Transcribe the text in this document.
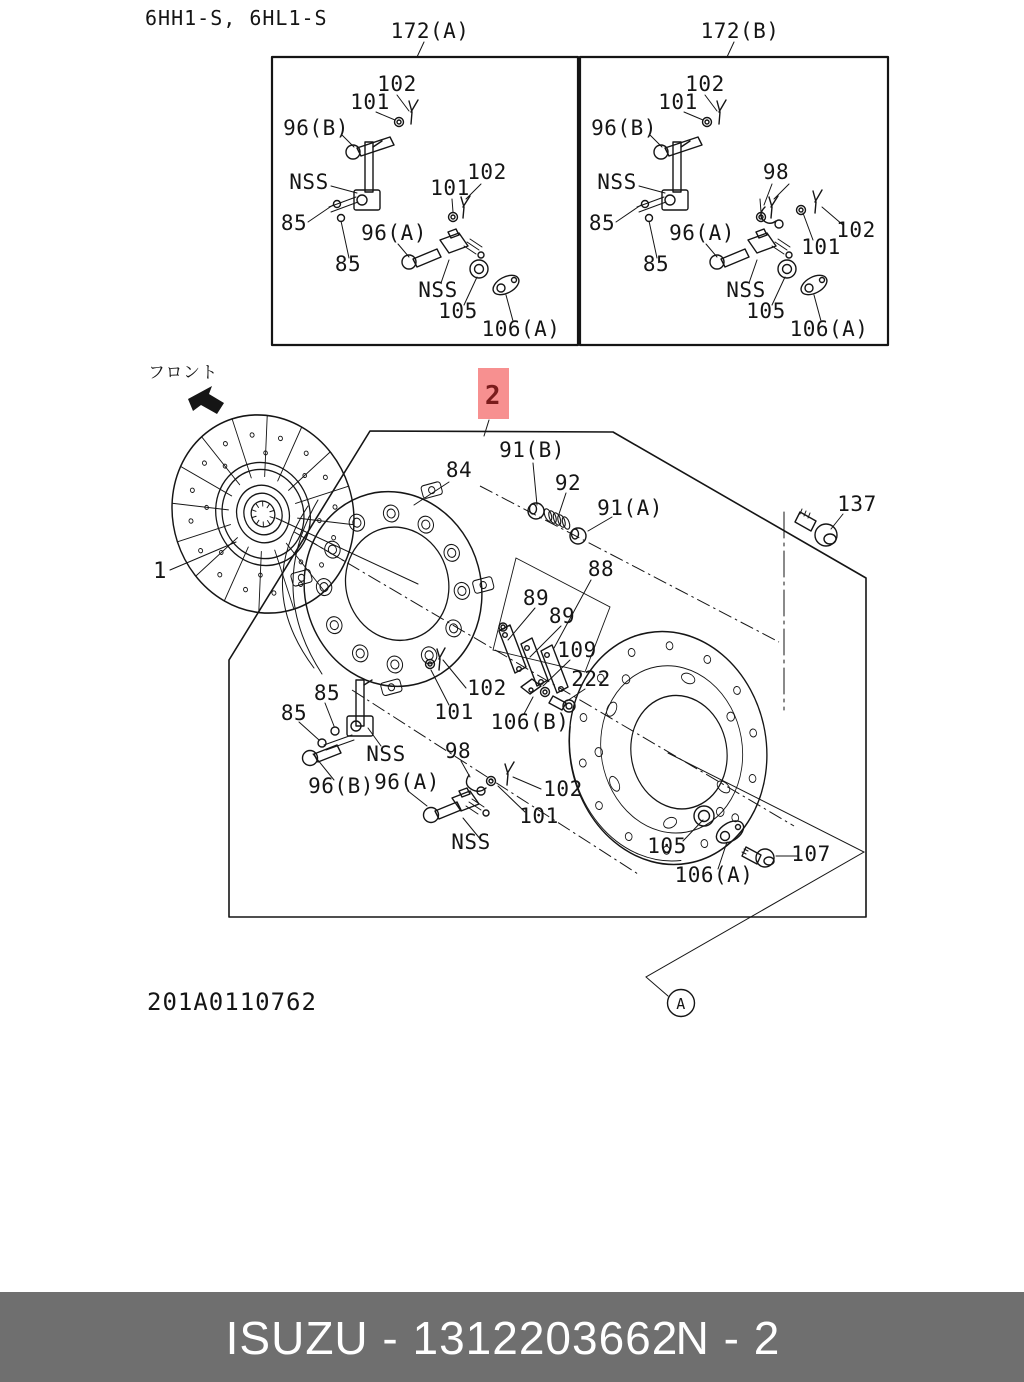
6HH1-S, 6HL1-S
172(A)	172(B)
102
101
96(B)
NSS
85
85
96(A)
101
102
NSS
105
106(A)
102
101
96(B)
NSS
85
85
96(A)
98
101
102
NSS
105
106(A)
フロント
2
A
1
84
91(B)
92
91(A)
88
89
89
109
222
106(B)
102
101
98
102
101
NSS
NSS
96(B) 96(A)
85
85
105
106(A)
107
137
201A0110762
ISUZU - 1312203662
N - 2
